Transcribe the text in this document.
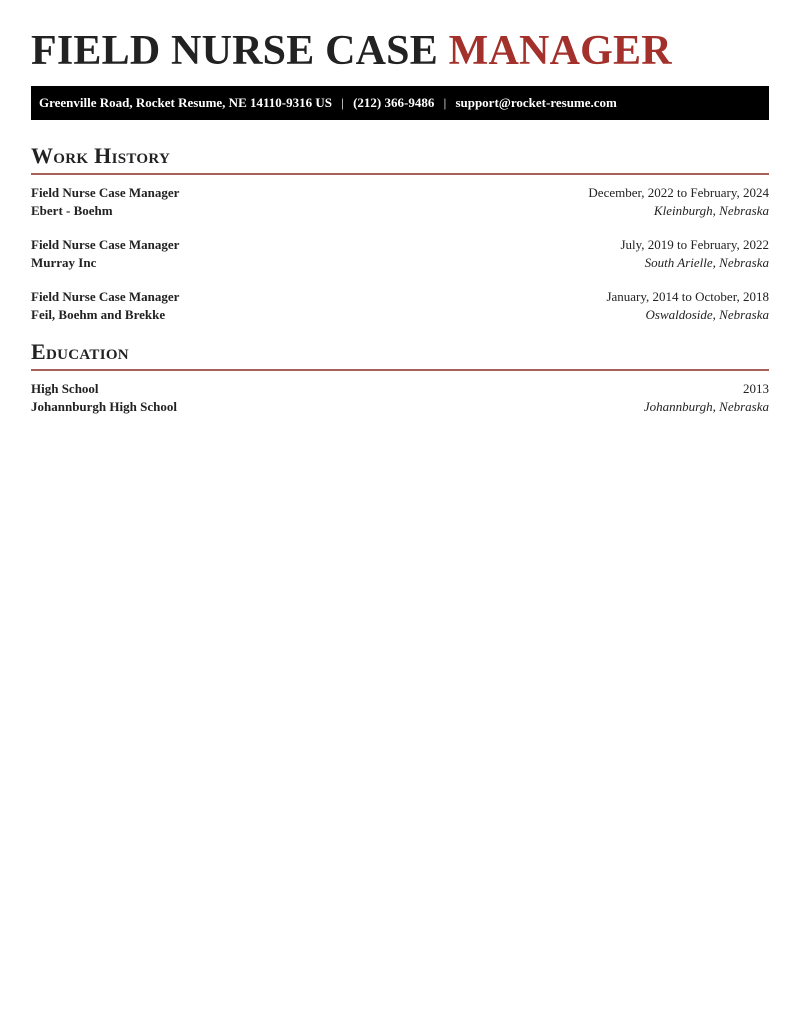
FIELD NURSE CASE MANAGER
Greenville Road, Rocket Resume, NE 14110-9316 US | (212) 366-9486 | support@rocket-resume.com
Work History
Field Nurse Case Manager	December, 2022 to February, 2024
Ebert - Boehm	Kleinburgh, Nebraska
Field Nurse Case Manager	July, 2019 to February, 2022
Murray Inc	South Arielle, Nebraska
Field Nurse Case Manager	January, 2014 to October, 2018
Feil, Boehm and Brekke	Oswaldoside, Nebraska
Education
High School	2013
Johannburgh High School	Johannburgh, Nebraska
